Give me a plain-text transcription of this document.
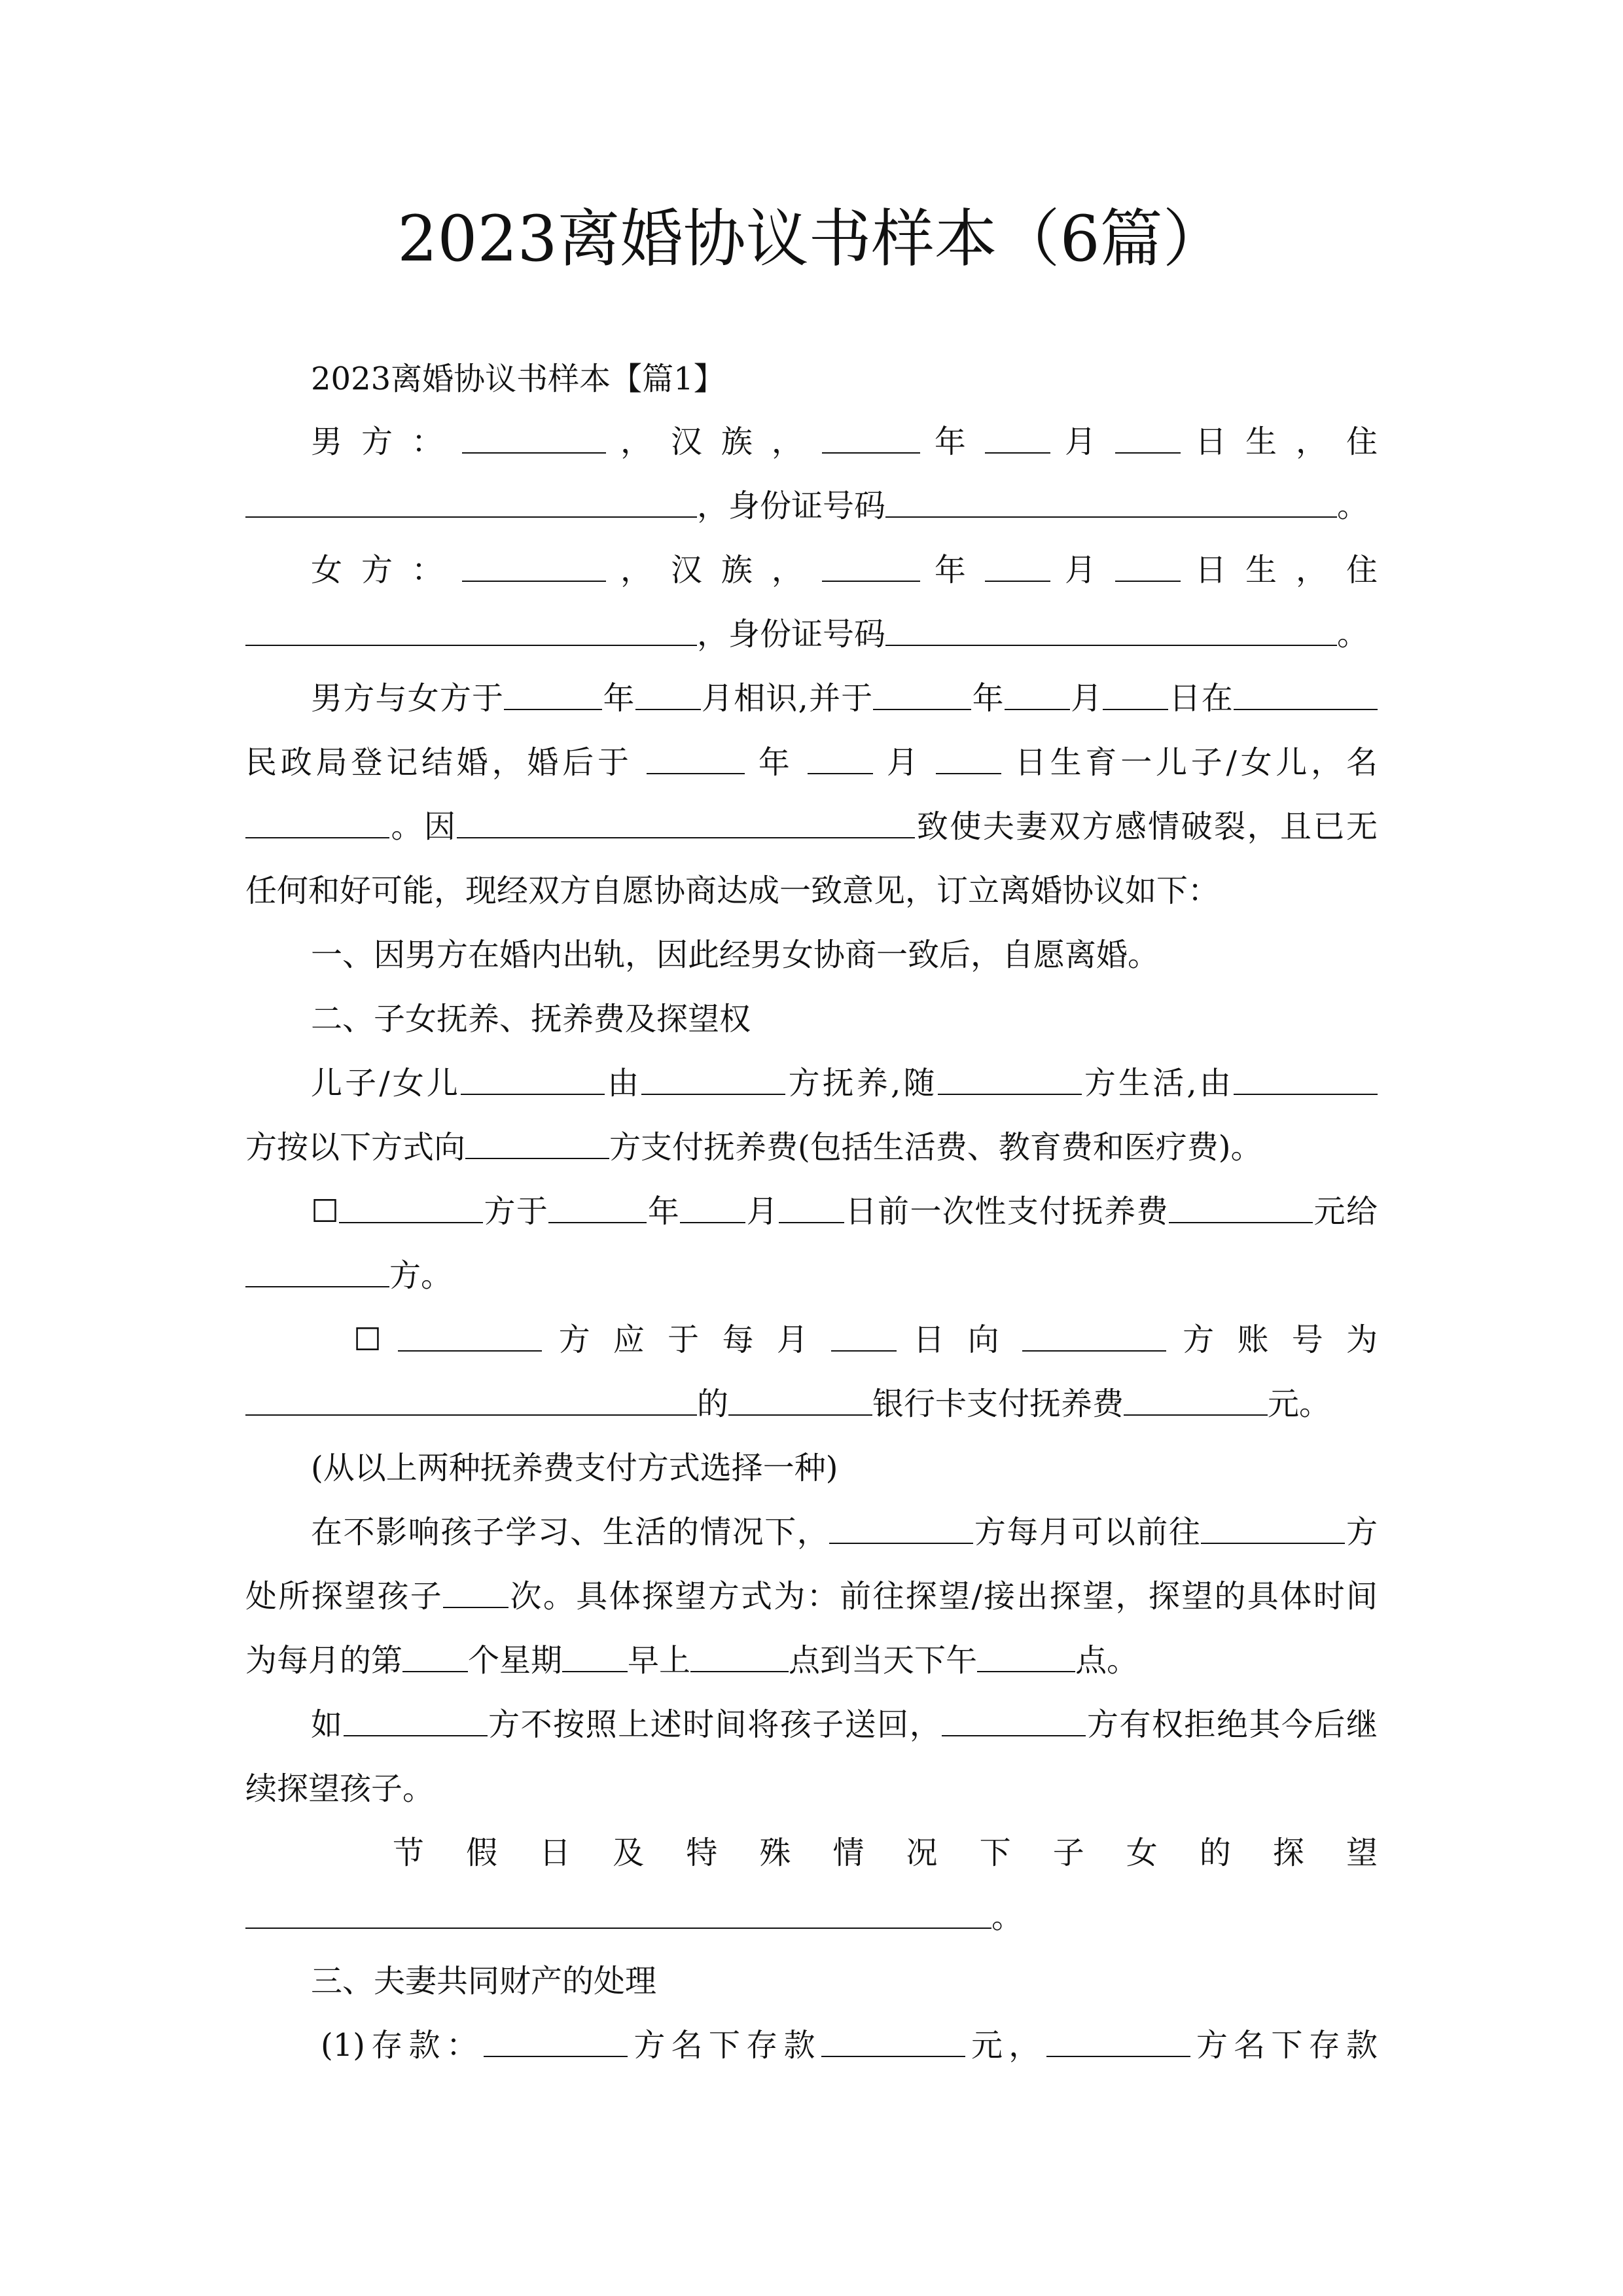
2023离婚协议书样本（6篇）
2023离婚协议书样本【篇1】
男 方 ：	， 汉 族 ，	年	月	日 生 ， 住
，身份证号码	。
女 方 ：	， 汉 族 ，	年	月	日 生 ， 住
，身份证号码	。
男方与女方于	年 月相识,并于	年 月 日在
民政局登记结婚，婚后于	年	月	日生育一儿子/女儿，名
。因	致使夫妻双方感情破裂，且已无
任何和好可能，现经双方自愿协商达成一致意见，订立离婚协议如下：
一、因男方在婚内出轨，因此经男女协商一致后，自愿离婚。
二、子女抚养、抚养费及探望权
儿子/女儿	由	方抚养,随	方生活,由
方按以下方式向	方支付抚养费(包括生活费、教育费和医疗费)。
☐	方于	年 月 日前一次性支付抚养费	元给
方。
☐	方 应 于 每 月	日 向	方 账 号 为
的	银行卡支付抚养费	元。
(从以上两种抚养费支付方式选择一种)
在不影响孩子学习、生活的情况下，	方每月可以前往	方
处所探望孩子 次。具体探望方式为：前往探望/接出探望，探望的具体时间
为每月的第 个星期 早上	点到当天下午	点。
如	方不按照上述时间将孩子送回，	方有权拒绝其今后继
续探望孩子。
节 假 日 及 特 殊 情 况 下 子 女 的 探 望
。
三、夫妻共同财产的处理
(1)存款：	方名下存款	元，	方名下存款
